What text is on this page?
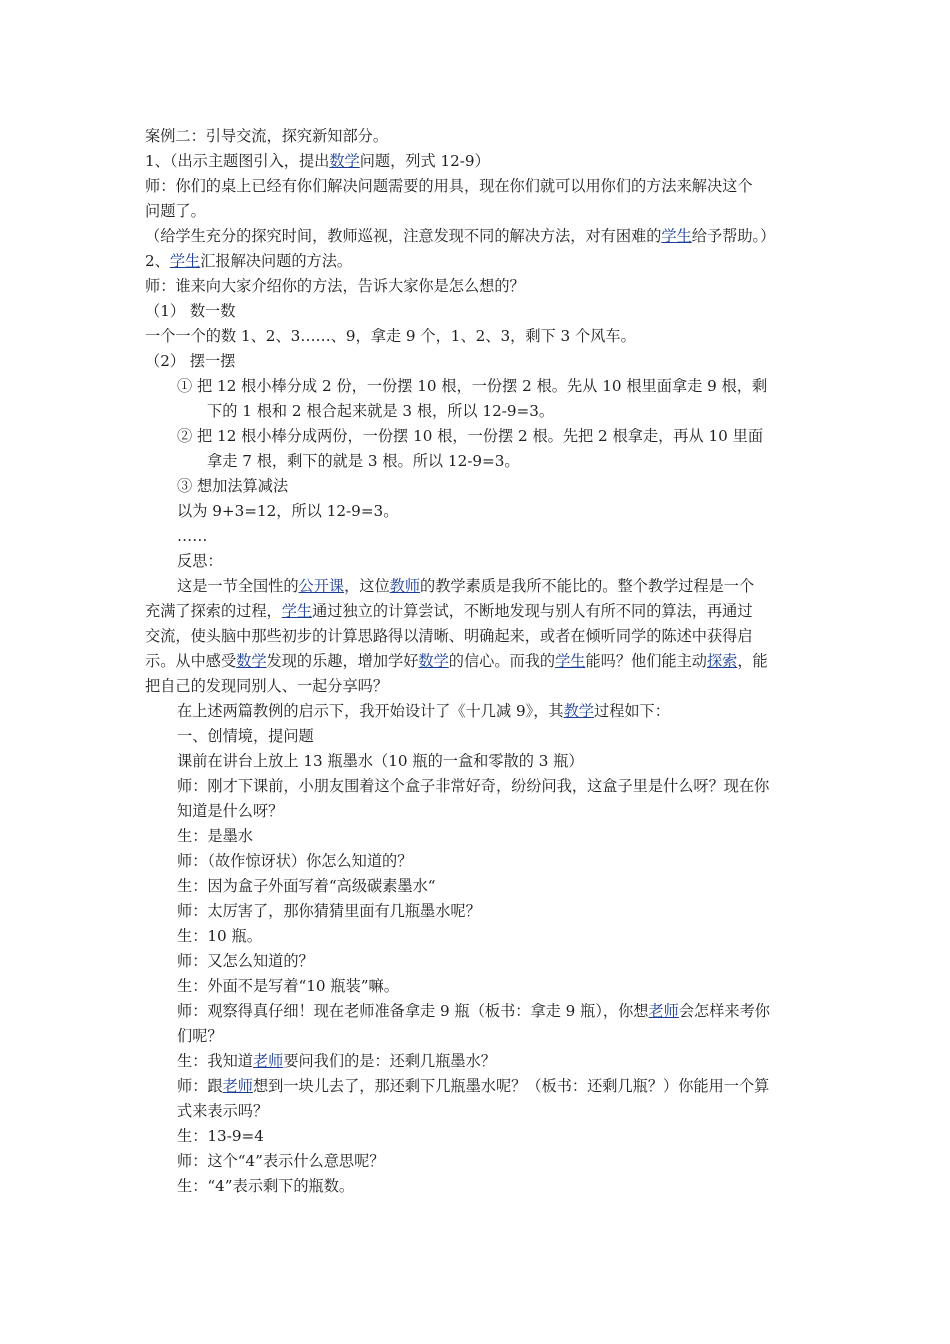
案例二：引导交流，探究新知部分。
1、（出示主题图引入，提出数学问题，列式 12-9）
师：你们的桌上已经有你们解决问题需要的用具，现在你们就可以用你们的方法来解决这个
问题了。
（给学生充分的探究时间，教师巡视，注意发现不同的解决方法，对有困难的学生给予帮助。）
2、学生汇报解决问题的方法。
师：谁来向大家介绍你的方法，告诉大家你是怎么想的？
（1） 数一数
一个一个的数 1、2、3……、9，拿走 9 个，1、2、3，剩下 3 个风车。
（2） 摆一摆
① 把 12 根小棒分成 2 份，一份摆 10 根，一份摆 2 根。先从 10 根里面拿走 9 根，剩
下的 1 根和 2 根合起来就是 3 根，所以 12-9=3。
② 把 12 根小棒分成两份，一份摆 10 根，一份摆 2 根。先把 2 根拿走，再从 10 里面
拿走 7 根，剩下的就是 3 根。所以 12-9=3。
③ 想加法算减法
以为 9+3=12，所以 12-9=3。
……
反思：
这是一节全国性的公开课，这位教师的教学素质是我所不能比的。整个教学过程是一个
充满了探索的过程，学生通过独立的计算尝试，不断地发现与别人有所不同的算法，再通过
交流，使头脑中那些初步的计算思路得以清晰、明确起来，或者在倾听同学的陈述中获得启
示。从中感受数学发现的乐趣，增加学好数学的信心。而我的学生能吗？他们能主动探索，能
把自己的发现同别人、一起分享吗？
在上述两篇教例的启示下，我开始设计了《十几减 9》，其教学过程如下：
一、创情境，提问题
课前在讲台上放上 13 瓶墨水（10 瓶的一盒和零散的 3 瓶）
师：刚才下课前，小朋友围着这个盒子非常好奇，纷纷问我，这盒子里是什么呀？现在你
知道是什么呀？
生：是墨水
师：（故作惊讶状）你怎么知道的？
生：因为盒子外面写着“高级碳素墨水“
师：太厉害了，那你猜猜里面有几瓶墨水呢？
生：10 瓶。
师：又怎么知道的？
生：外面不是写着“10 瓶装”嘛。
师：观察得真仔细！现在老师准备拿走 9 瓶（板书：拿走 9 瓶），你想老师会怎样来考你
们呢？
生：我知道老师要问我们的是：还剩几瓶墨水？
师：跟老师想到一块儿去了，那还剩下几瓶墨水呢？（板书：还剩几瓶？）你能用一个算
式来表示吗？
生：13-9=4
师：这个“4”表示什么意思呢？
生：“4”表示剩下的瓶数。
